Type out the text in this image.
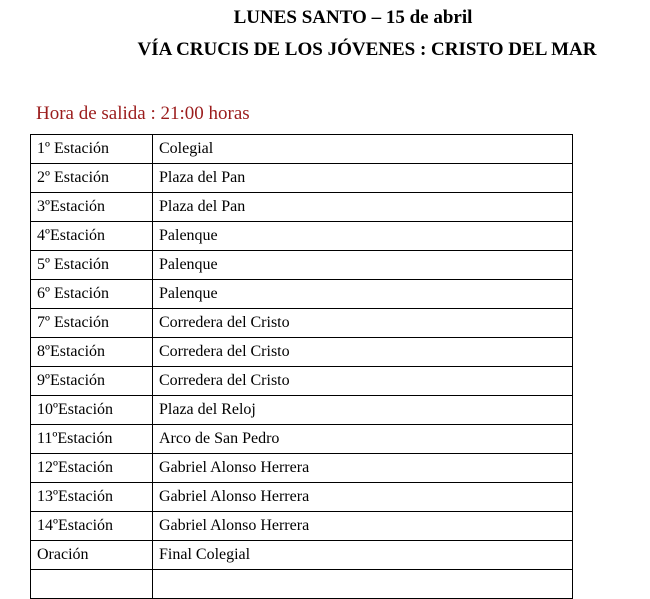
LUNES SANTO – 15 de abril
VÍA CRUCIS DE LOS JÓVENES : CRISTO DEL MAR
Hora de salida : 21:00 horas
1º Estación	Colegial
2º Estación	Plaza del Pan
3ºEstación	Plaza del Pan
4ºEstación	Palenque
5º Estación	Palenque
6º Estación	Palenque
7º Estación	Corredera del Cristo
8ºEstación	Corredera del Cristo
9ºEstación	Corredera del Cristo
10ºEstación	Plaza del Reloj
11ºEstación	Arco de San Pedro
12ºEstación	Gabriel Alonso Herrera
13ºEstación	Gabriel Alonso Herrera
14ºEstación	Gabriel Alonso Herrera
Oración	Final Colegial
